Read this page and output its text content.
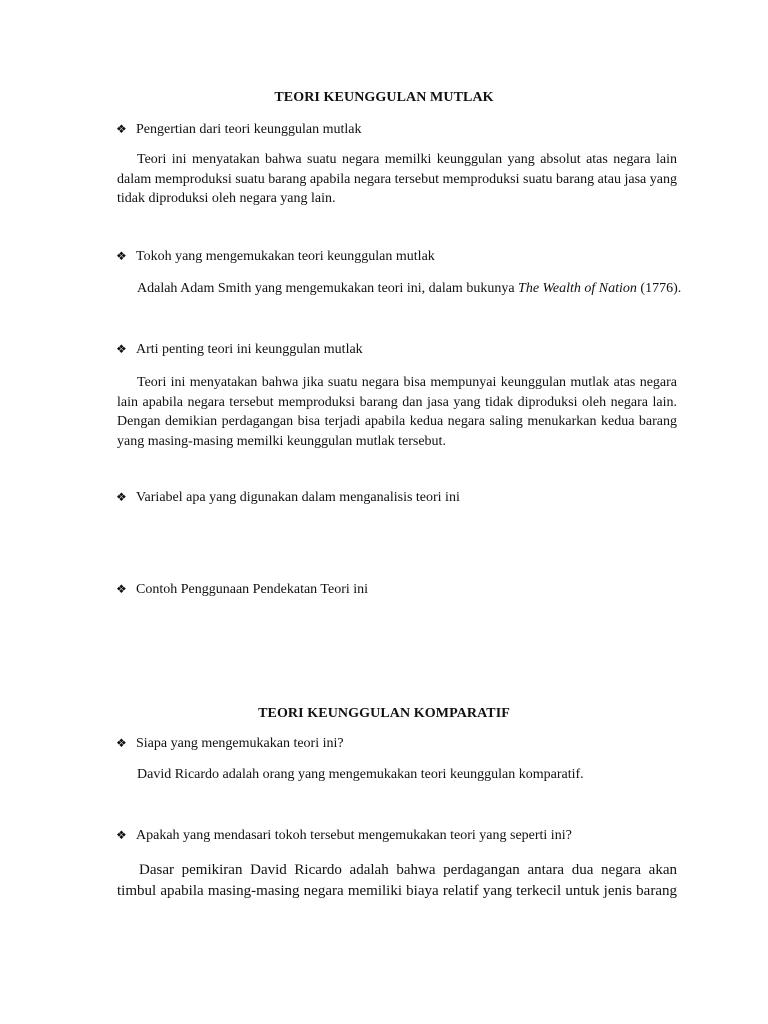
TEORI KEUNGGULAN MUTLAK
❖ Pengertian dari teori keunggulan mutlak
Teori ini menyatakan bahwa suatu negara memilki keunggulan yang absolut atas negara lain dalam memproduksi suatu barang apabila negara tersebut memproduksi suatu barang atau jasa yang tidak diproduksi oleh negara yang lain.
❖ Tokoh yang mengemukakan teori keunggulan mutlak
Adalah Adam Smith yang mengemukakan teori ini, dalam bukunya The Wealth of Nation (1776).
❖ Arti penting teori ini keunggulan mutlak
Teori ini menyatakan bahwa jika suatu negara bisa mempunyai keunggulan mutlak atas negara lain apabila negara tersebut memproduksi barang dan jasa yang tidak diproduksi oleh negara lain. Dengan demikian perdagangan bisa terjadi apabila kedua negara saling menukarkan kedua barang yang masing-masing memilki keunggulan mutlak tersebut.
❖ Variabel apa yang digunakan dalam menganalisis teori ini
❖ Contoh Penggunaan Pendekatan Teori ini
TEORI KEUNGGULAN KOMPARATIF
❖ Siapa yang mengemukakan teori ini?
David Ricardo adalah orang yang mengemukakan teori keunggulan komparatif.
❖ Apakah yang mendasari tokoh tersebut mengemukakan teori yang seperti ini?
Dasar pemikiran David Ricardo adalah bahwa perdagangan antara dua negara akan timbul apabila masing-masing negara memiliki biaya relatif yang terkecil untuk jenis barang
